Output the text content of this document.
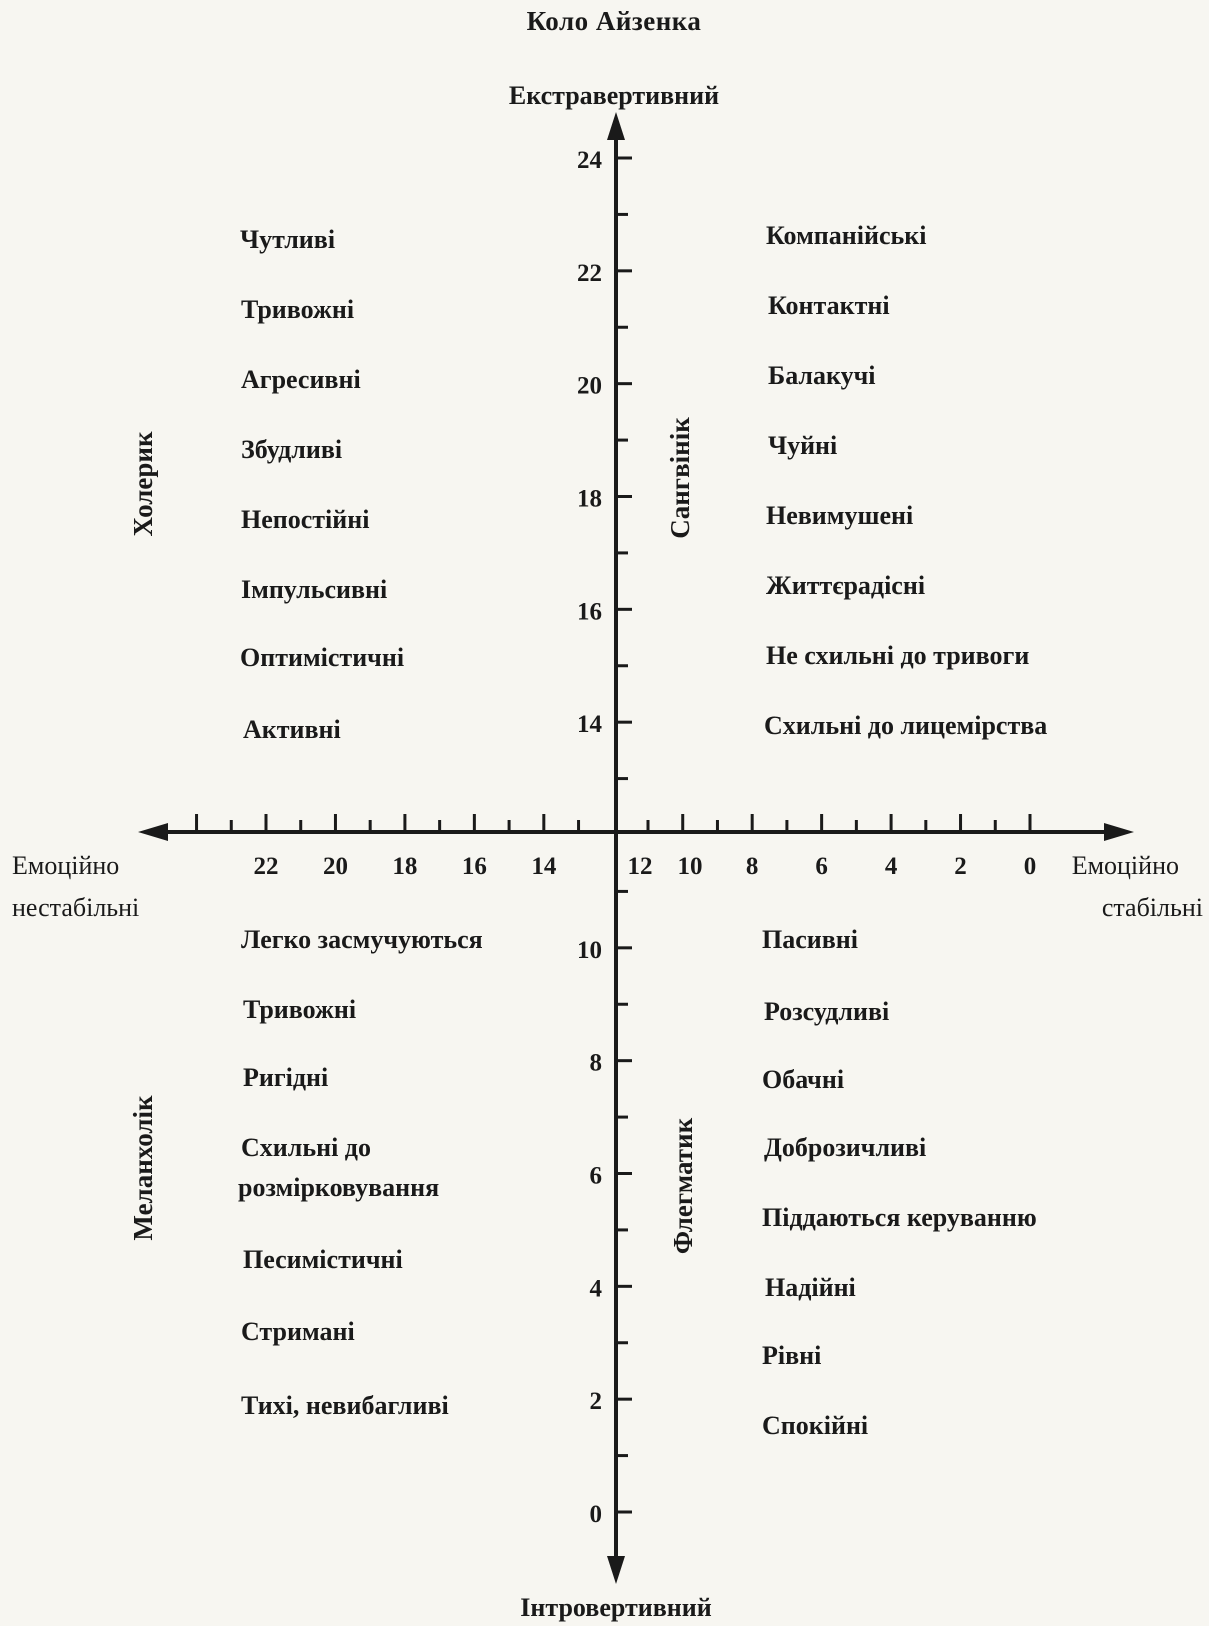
Коло Айзенка
Екстравертивний
Інтровертивний
Емоційно
нестабільні
Емоційно
стабільні
24
22
20
18
16
14
10
8
6
4
2
0
22 20 18 16 14	12 10 8 6 4 2 0
Чутливі
Тривожні
Агресивні
Збудливі
Непостійні
Імпульсивні
Оптимістичні
Активні
Компанійські
Контактні
Балакучі
Чуйні
Невимушені
Життєрадісні
Не схильні до тривоги
Схильні до лицемірства
Легко засмучуються
Тривожні
Ригідні
Схильні до
розмірковування
Песимістичні
Стримані
Тихі, невибагливі
Пасивні
Розсудливі
Обачні
Доброзичливі
Піддаються керуванню
Надійні
Рівні
Спокійні
Холерик	Сангвінік
Меланхолік	Флегматик
